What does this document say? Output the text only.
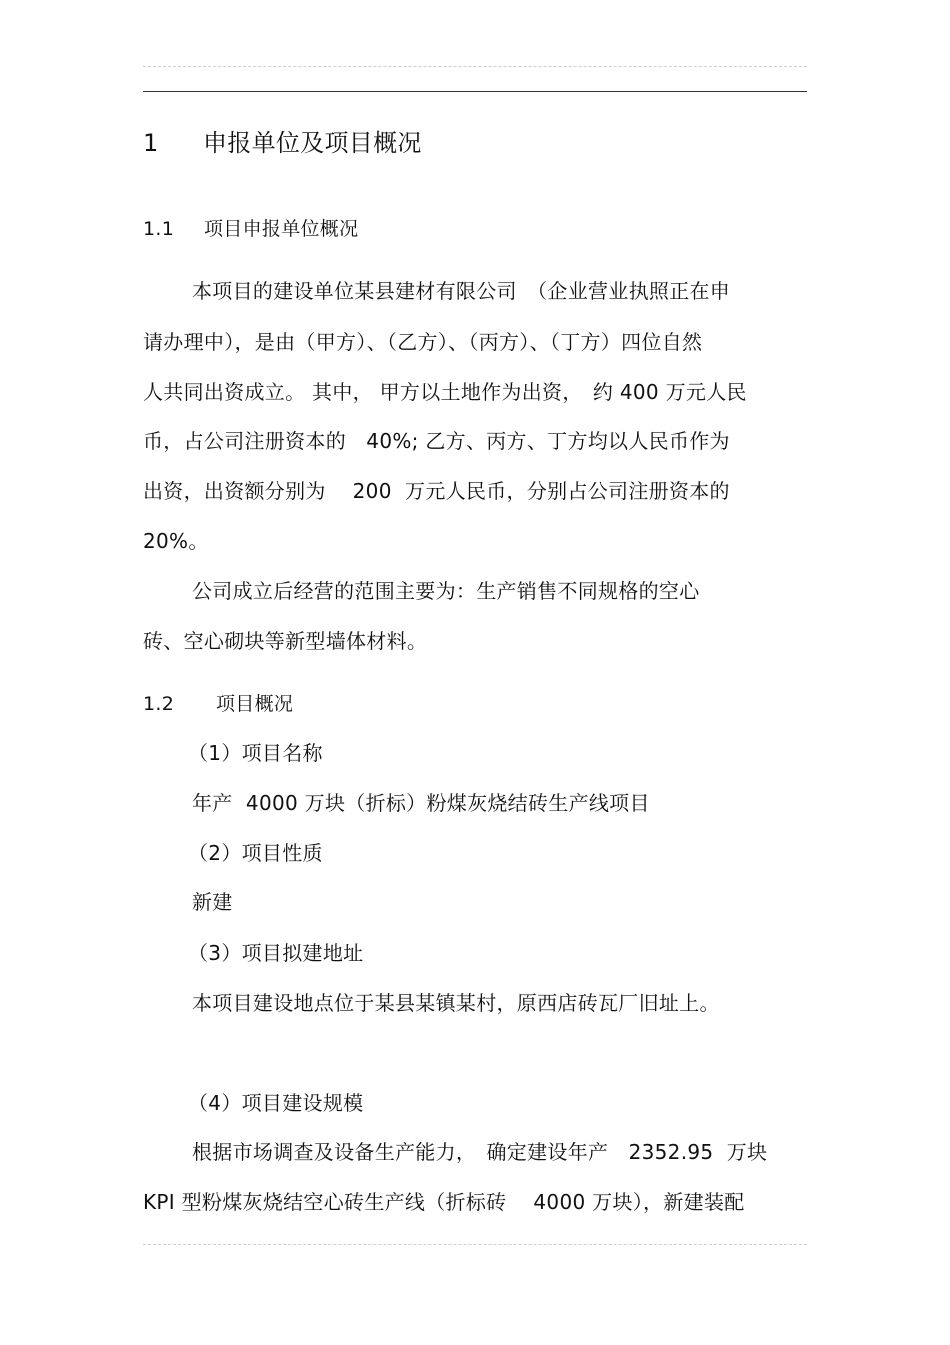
1 申报单位及项目概况
1.1 项目申报单位概况
本项目的建设单位某县建材有限公司　（企业营业执照正在申
请办理中），是由（甲方）、（乙方）、（丙方）、（丁方）四位自然
人共同出资成立。 其中， 甲方以土地作为出资，　约 400 万元人民
币，占公司注册资本的　40%; 乙方、丙方、丁方均以人民币作为
出资，出资额分别为　 200  万元人民币，分别占公司注册资本的
20%。
公司成立后经营的范围主要为：生产销售不同规格的空心
砖、空心砌块等新型墙体材料。
1.2 项目概况
（1）项目名称
年产  4000 万块（折标）粉煤灰烧结砖生产线项目
（2）项目性质
新建
（3）项目拟建地址
本项目建设地点位于某县某镇某村，原西店砖瓦厂旧址上。
（4）项目建设规模
根据市场调查及设备生产能力，　确定建设年产　2352.95  万块
KPI 型粉煤灰烧结空心砖生产线（折标砖　 4000 万块），新建装配
